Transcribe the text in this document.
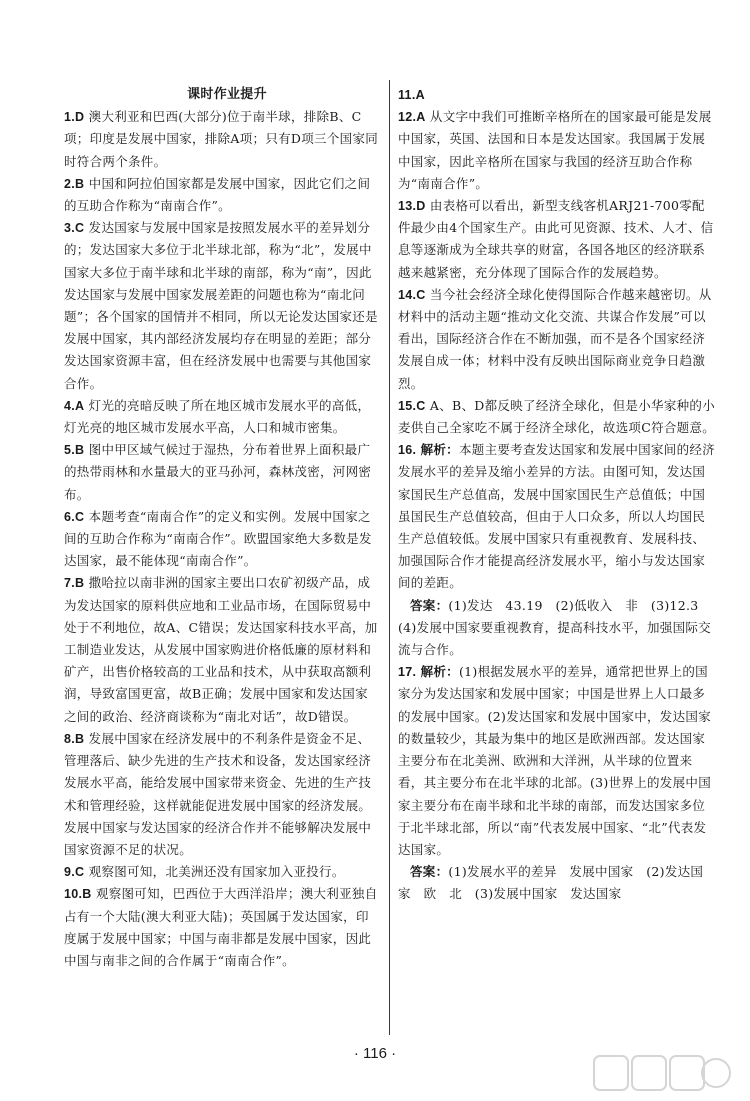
课时作业提升

1.D 澳大利亚和巴西(大部分)位于南半球，排除B、C项；印度是发展中国家，排除A项；只有D项三个国家同时符合两个条件。

2.B 中国和阿拉伯国家都是发展中国家，因此它们之间的互助合作称为“南南合作”。

3.C 发达国家与发展中国家是按照发展水平的差异划分的；发达国家大多位于北半球北部，称为“北”，发展中国家大多位于南半球和北半球的南部，称为“南”，因此发达国家与发展中国家发展差距的问题也称为“南北问题”；各个国家的国情并不相同，所以无论发达国家还是发展中国家，其内部经济发展均存在明显的差距；部分发达国家资源丰富，但在经济发展中也需要与其他国家合作。

4.A 灯光的亮暗反映了所在地区城市发展水平的高低，灯光亮的地区城市发展水平高，人口和城市密集。

5.B 图中甲区域气候过于湿热，分布着世界上面积最广的热带雨林和水量最大的亚马孙河，森林茂密，河网密布。

6.C 本题考查“南南合作”的定义和实例。发展中国家之间的互助合作称为“南南合作”。欧盟国家绝大多数是发达国家，最不能体现“南南合作”。

7.B 撒哈拉以南非洲的国家主要出口农矿初级产品，成为发达国家的原料供应地和工业品市场，在国际贸易中处于不利地位，故A、C错误；发达国家科技水平高，加工制造业发达，从发展中国家购进价格低廉的原材料和矿产，出售价格较高的工业品和技术，从中获取高额利润，导致富国更富，故B正确；发展中国家和发达国家之间的政治、经济商谈称为“南北对话”，故D错误。

8.B 发展中国家在经济发展中的不利条件是资金不足、管理落后、缺少先进的生产技术和设备，发达国家经济发展水平高，能给发展中国家带来资金、先进的生产技术和管理经验，这样就能促进发展中国家的经济发展。发展中国家与发达国家的经济合作并不能够解决发展中国家资源不足的状况。

9.C 观察图可知，北美洲还没有国家加入亚投行。

10.B 观察图可知，巴西位于大西洋沿岸；澳大利亚独自占有一个大陆(澳大利亚大陆)；英国属于发达国家，印度属于发展中国家；中国与南非都是发展中国家，因此中国与南非之间的合作属于“南南合作”。

11.A

12.A 从文字中我们可推断辛格所在的国家最可能是发展中国家，英国、法国和日本是发达国家。我国属于发展中国家，因此辛格所在国家与我国的经济互助合作称为“南南合作”。

13.D 由表格可以看出，新型支线客机ARJ21-700零配件最少由4个国家生产。由此可见资源、技术、人才、信息等逐渐成为全球共享的财富，各国各地区的经济联系越来越紧密，充分体现了国际合作的发展趋势。

14.C 当今社会经济全球化使得国际合作越来越密切。从材料中的活动主题“推动文化交流、共谋合作发展”可以看出，国际经济合作在不断加强，而不是各个国家经济发展自成一体；材料中没有反映出国际商业竞争日趋激烈。

15.C A、B、D都反映了经济全球化，但是小华家种的小麦供自己全家吃不属于经济全球化，故选项C符合题意。

16. 解析：本题主要考查发达国家和发展中国家间的经济发展水平的差异及缩小差异的方法。由图可知，发达国家国民生产总值高，发展中国家国民生产总值低；中国虽国民生产总值较高，但由于人口众多，所以人均国民生产总值较低。发展中国家只有重视教育、发展科技、加强国际合作才能提高经济发展水平，缩小与发达国家间的差距。

答案：(1)发达　43.19　(2)低收入　非　(3)12.3　(4)发展中国家要重视教育，提高科技水平，加强国际交流与合作。

17. 解析：(1)根据发展水平的差异，通常把世界上的国家分为发达国家和发展中国家；中国是世界上人口最多的发展中国家。(2)发达国家和发展中国家中，发达国家的数量较少，其最为集中的地区是欧洲西部。发达国家主要分布在北美洲、欧洲和大洋洲，从半球的位置来看，其主要分布在北半球的北部。(3)世界上的发展中国家主要分布在南半球和北半球的南部，而发达国家多位于北半球北部，所以“南”代表发展中国家、“北”代表发达国家。

答案：(1)发展水平的差异　发展中国家　(2)发达国家　欧　北　(3)发展中国家　发达国家

· 116 ·
